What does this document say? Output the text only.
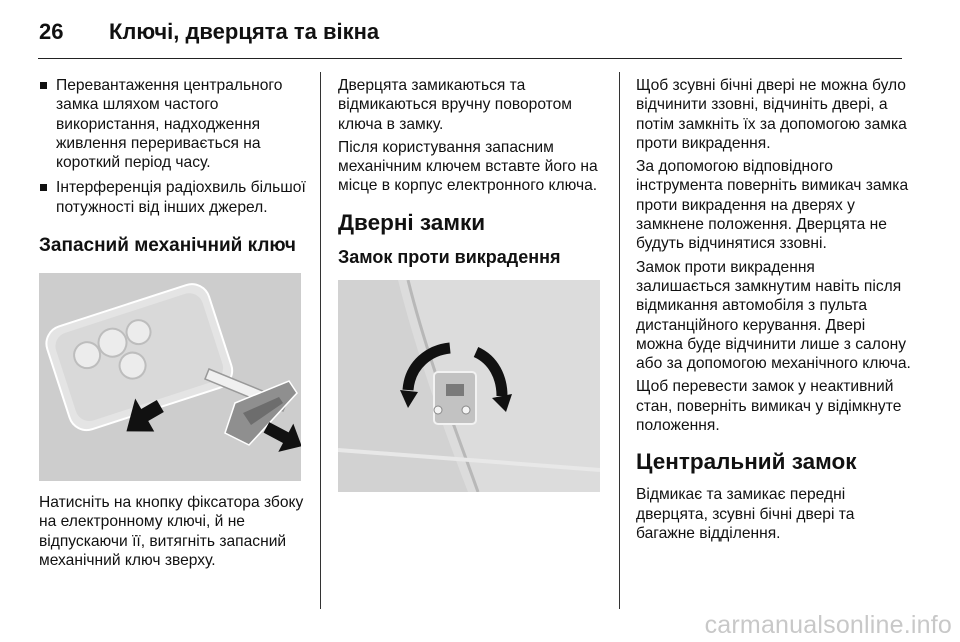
26	Ключі, дверцята та вікна
Перевантаження центрального замка шляхом частого використання, надходження живлення переривається на короткий період часу.
Інтерференція радіохвиль більшої потужності від інших джерел.
Запасний механічний ключ

Натисніть на кнопку фіксатора збоку на електронному ключі, й не відпускаючи її, витягніть запасний механічний ключ зверху.

Дверцята замикаються та відмикаються вручну поворотом ключа в замку.

Після користування запасним механічним ключем вставте його на місце в корпус електронного ключа.

Дверні замки
Замок проти викрадення

Щоб зсувні бічні двері не можна було відчинити ззовні, відчиніть двері, а потім замкніть їх за допомогою замка проти викрадення.

За допомогою відповідного інструмента поверніть вимикач замка проти викрадення на дверях у замкнене положення. Дверцята не будуть відчинятися ззовні.

Замок проти викрадення залишається замкнутим навіть після відмикання автомобіля з пульта дистанційного керування. Двері можна буде відчинити лише з салону або за допомогою механічного ключа.

Щоб перевести замок у неактивний стан, поверніть вимикач у відімкнуте положення.

Центральний замок

Відмикає та замикає передні дверцята, зсувні бічні двері та багажне відділення.

carmanualsonline.info
